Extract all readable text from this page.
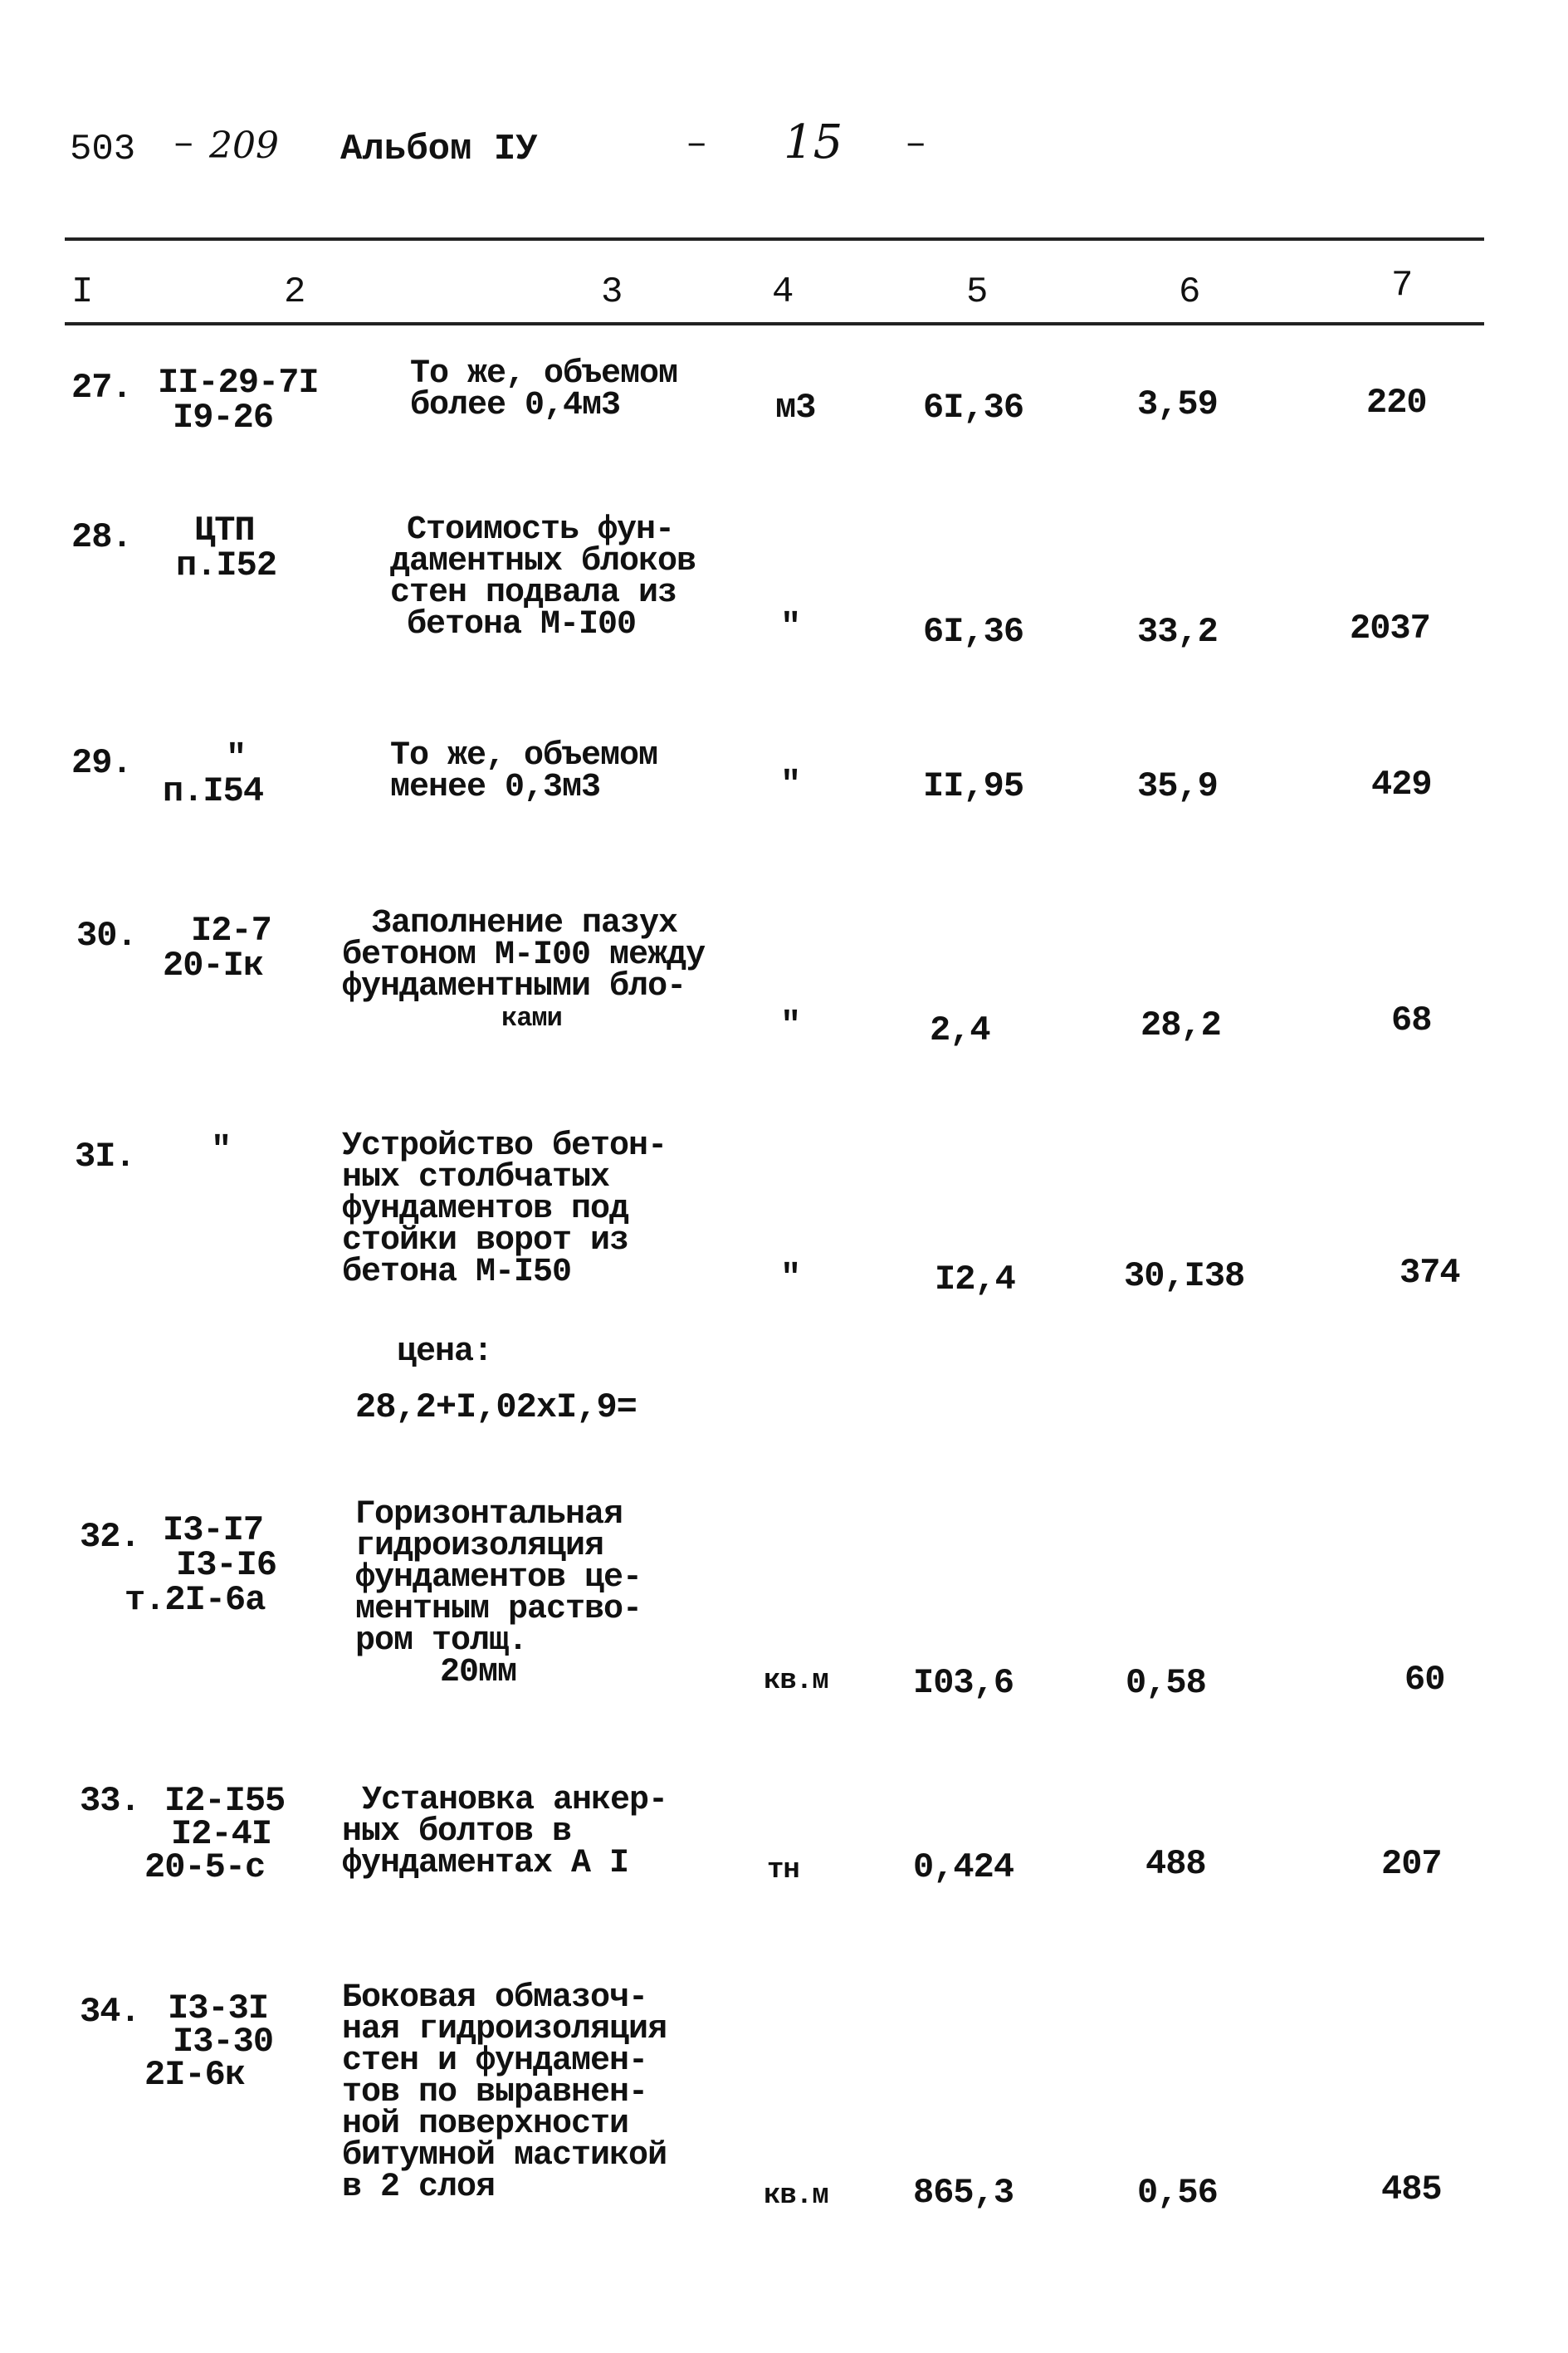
503 – 209 Альбом IУ	– 15 –
I	2	3	4	5	6	7
27. II-29-7I
I9-26
То же, объемом
более 0,4м3	м3	6I,36	3,59	220
28. ЦТП
п.I52
Стоимость фун-
даментных блоков
стен подвала из
бетона М-I00	"	6I,36	33,2	2037
29.	"
п.I54
То же, объемом
менее 0,3м3	"	II,95	35,9	429
30. I2-7
20-Iк
Заполнение пазух
бетоном М-I00 между
фундаментными бло-
ками	"	2,4	28,2	68
3I. "	Устройство бетон-
ных столбчатых
фундаментов под
стойки ворот из
бетона М-I50	"	I2,4	30,I38	374
цена:
28,2+I,02хI,9=
32. I3-I7
I3-I6
т.2I-6а
Горизонтальная
гидроизоляция
фундаментов це-
ментным раство-
ром толщ.
20мм	кв.м I03,6	0,58	60
33. I2-I55
I2-4I
20-5-с
Установка анкер-
ных болтов в
фундаментах А I	тн	0,424	488	207
34. I3-3I
I3-30
2I-6к
Боковая обмазоч-
ная гидроизоляция
стен и фундамен-
тов по выравнен-
ной поверхности
битумной мастикой
в 2 слоя	кв.м 865,3	0,56	485
